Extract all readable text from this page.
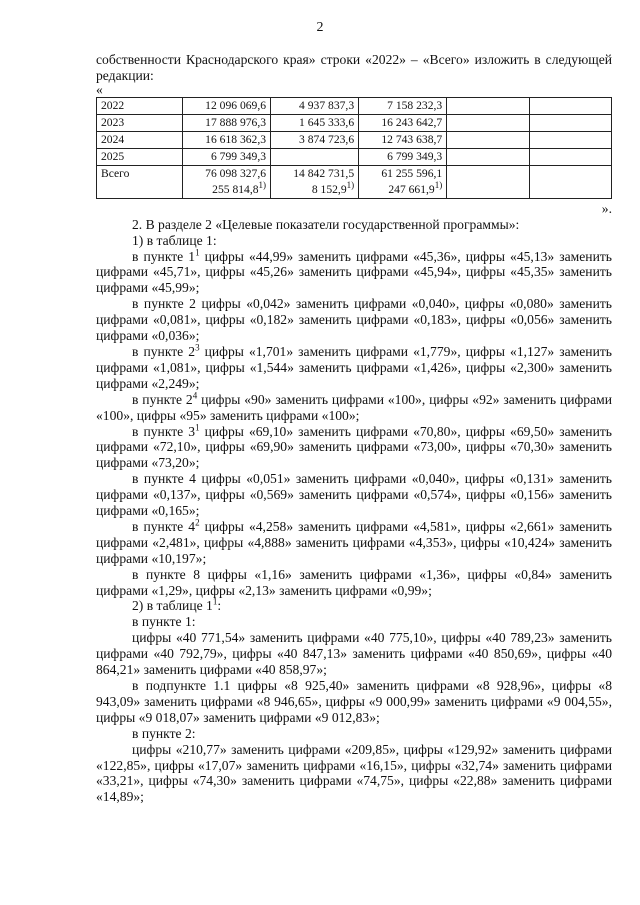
2

собственности Краснодарского края» строки «2022» – «Всего» изложить в следующей редакции:

«

2022	12 096 069,6	4 937 837,3	7 158 232,3		
2023	17 888 976,3	1 645 333,6	16 243 642,7		
2024	16 618 362,3	3 874 723,6	12 743 638,7		
2025	6 799 349,3		6 799 349,3		
Всего	76 098 327,6	14 842 731,5	61 255 596,1		
	255 814,8$^{1)}$	8 152,9$^{1)}$	247 661,9$^{1)}$

».

2. В разделе 2 «Целевые показатели государственной программы»:

1) в таблице 1:

в пункте $1^1$ цифры «44,99» заменить цифрами «45,36», цифры «45,13» заменить цифрами «45,71», цифры «45,26» заменить цифрами «45,94», цифры «45,35» заменить цифрами «45,99»;

в пункте 2 цифры «0,042» заменить цифрами «0,040», цифры «0,080» заменить цифрами «0,081», цифры «0,182» заменить цифрами «0,183», цифры «0,056» заменить цифрами «0,036»;

в пункте $2^3$ цифры «1,701» заменить цифрами «1,779», цифры «1,127» заменить цифрами «1,081», цифры «1,544» заменить цифрами «1,426», цифры «2,300» заменить цифрами «2,249»;

в пункте $2^4$ цифры «90» заменить цифрами «100», цифры «92» заменить цифрами «100», цифры «95» заменить цифрами «100»;

в пункте $3^1$ цифры «69,10» заменить цифрами «70,80», цифры «69,50» заменить цифрами «72,10», цифры «69,90» заменить цифрами «73,00», цифры «70,30» заменить цифрами «73,20»;

в пункте 4 цифры «0,051» заменить цифрами «0,040», цифры «0,131» заменить цифрами «0,137», цифры «0,569» заменить цифрами «0,574», цифры «0,156» заменить цифрами «0,165»;

в пункте $4^2$ цифры «4,258» заменить цифрами «4,581», цифры «2,661» заменить цифрами «2,481», цифры «4,888» заменить цифрами «4,353», цифры «10,424» заменить цифрами «10,197»;

в пункте 8 цифры «1,16» заменить цифрами «1,36», цифры «0,84» заменить цифрами «1,29», цифры «2,13» заменить цифрами «0,99»;

2) в таблице $1^1$:

в пункте 1:

цифры «40 771,54» заменить цифрами «40 775,10», цифры «40 789,23» заменить цифрами «40 792,79», цифры «40 847,13» заменить цифрами «40 850,69», цифры «40 864,21» заменить цифрами «40 858,97»;

в подпункте 1.1 цифры «8 925,40» заменить цифрами «8 928,96», цифры «8 943,09» заменить цифрами «8 946,65», цифры «9 000,99» заменить цифрами «9 004,55», цифры «9 018,07» заменить цифрами «9 012,83»;

в пункте 2:

цифры «210,77» заменить цифрами «209,85», цифры «129,92» заменить цифрами «122,85», цифры «17,07» заменить цифрами «16,15», цифры «32,74» заменить цифрами «33,21», цифры «74,30» заменить цифрами «74,75», цифры «22,88» заменить цифрами «14,89»;
